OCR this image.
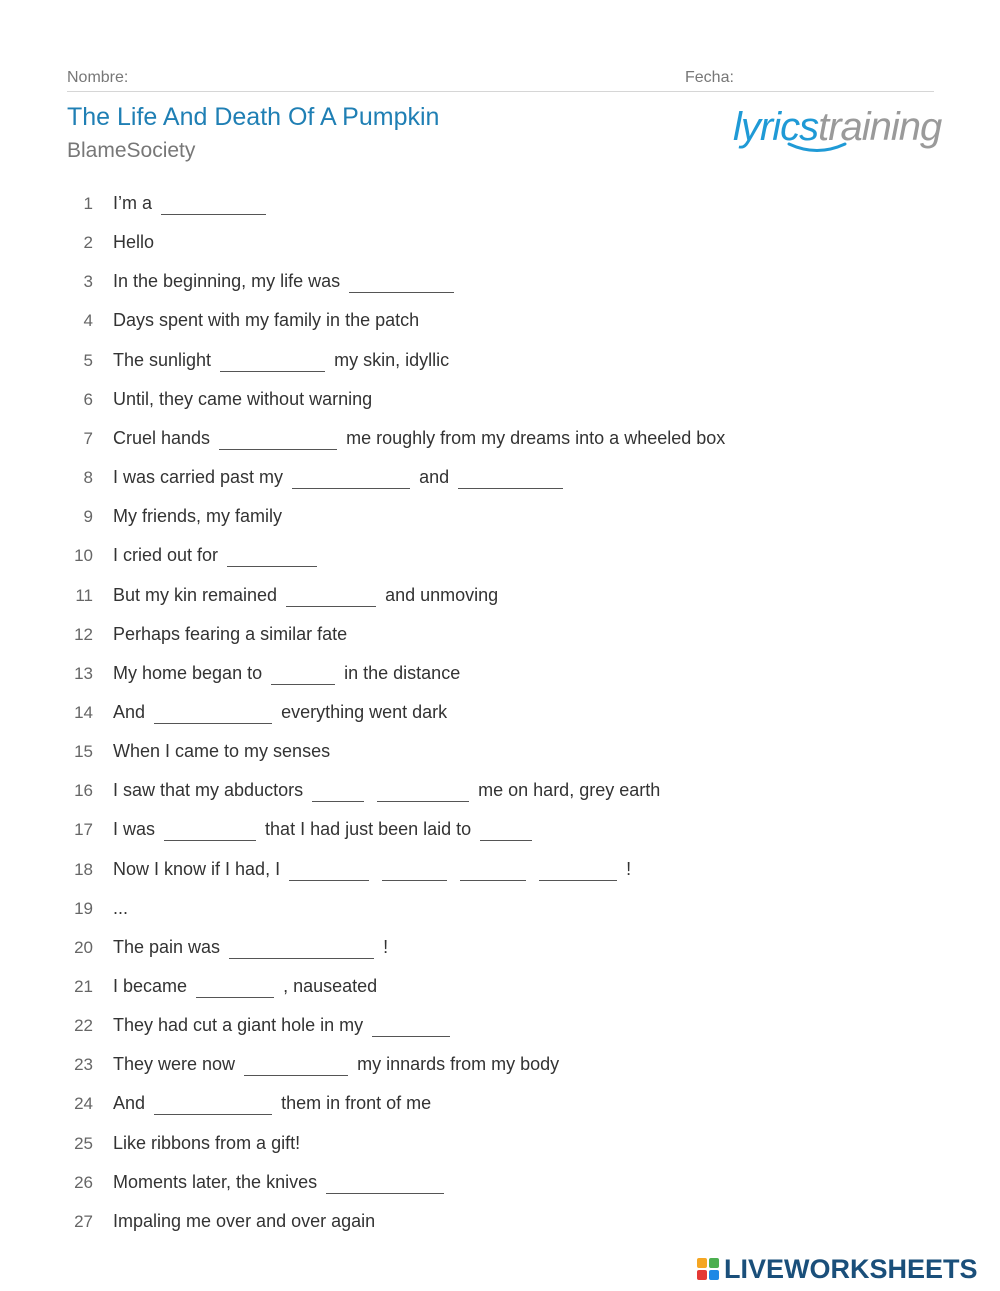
Nombre:	Fecha:
The Life And Death Of A Pumpkin
BlameSociety
lyricstraining
1 I’m a
2 Hello
3 In the beginning, my life was
4 Days spent with my family in the patch
5 The sunlight	my skin, idyllic
6 Until, they came without warning
7 Cruel hands	me roughly from my dreams into a wheeled box
8 I was carried past my	and
9 My friends, my family
10 I cried out for
11 But my kin remained	and unmoving
12 Perhaps fearing a similar fate
13 My home began to	in the distance
14 And	everything went dark
15 When I came to my senses
16 I saw that my abductors	me on hard, grey earth
17 I was	that I had just been laid to
18 Now I know if I had, I	!
19 ...
20 The pain was	!
21 I became	, nauseated
22 They had cut a giant hole in my
23 They were now	my innards from my body
24 And	them in front of me
25 Like ribbons from a gift!
26 Moments later, the knives
27 Impaling me over and over again
LIVEWORKSHEETS
